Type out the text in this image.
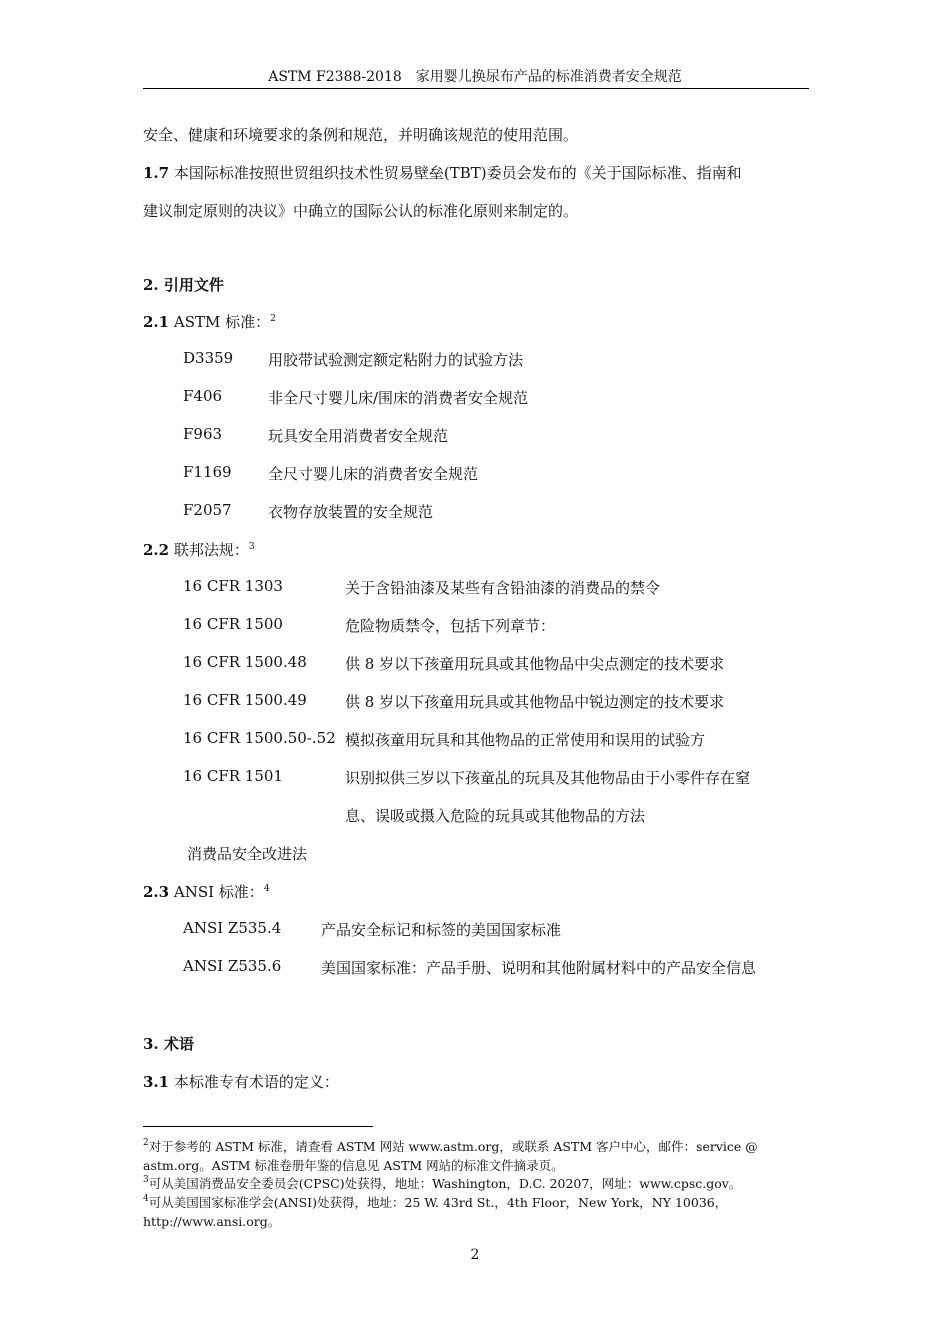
ASTM F2388-2018　家用婴儿换尿布产品的标准消费者安全规范
安全、健康和环境要求的条例和规范，并明确该规范的使用范围。
1.7 本国际标准按照世贸组织技术性贸易壁垒(TBT)委员会发布的《关于国际标准、指南和
建议制定原则的决议》中确立的国际公认的标准化原则来制定的。
2. 引用文件
2.1 ASTM 标准：$^2$
D3359 用胶带试验测定额定粘附力的试验方法
F406	非全尺寸婴儿床/围床的消费者安全规范
F963	玩具安全用消费者安全规范
F1169 全尺寸婴儿床的消费者安全规范
F2057 衣物存放装置的安全规范
2.2 联邦法规：$^3$
16 CFR 1303	关于含铅油漆及某些有含铅油漆的消费品的禁令
16 CFR 1500	危险物质禁令，包括下列章节：
16 CFR 1500.48	供 8 岁以下孩童用玩具或其他物品中尖点测定的技术要求
16 CFR 1500.49	供 8 岁以下孩童用玩具或其他物品中锐边测定的技术要求
16 CFR 1500.50-.52 模拟孩童用玩具和其他物品的正常使用和误用的试验方
16 CFR 1501	识别拟供三岁以下孩童乩的玩具及其他物品由于小零件存在窒
息、误吸或摄入危险的玩具或其他物品的方法
消费品安全改进法
2.3 ANSI 标准：$^4$
ANSI Z535.4	产品安全标记和标签的美国国家标准
ANSI Z535.6	美国国家标准：产品手册、说明和其他附属材料中的产品安全信息
3. 术语
3.1 本标准专有术语的定义：
$^2$对于参考的 ASTM 标准，请查看 ASTM 网站 www.astm.org，或联系 ASTM 客户中心，邮件：service @
astm.org。ASTM 标准卷册年鉴的信息见 ASTM 网站的标准文件摘录页。
$^3$可从美国消费品安全委员会(CPSC)处获得，地址：Washington，D.C. 20207，网址：www.cpsc.gov。
$^4$可从美国国家标准学会(ANSI)处获得，地址：25 W. 43rd St.，4th Floor，New York，NY 10036，
http://www.ansi.org。
2
